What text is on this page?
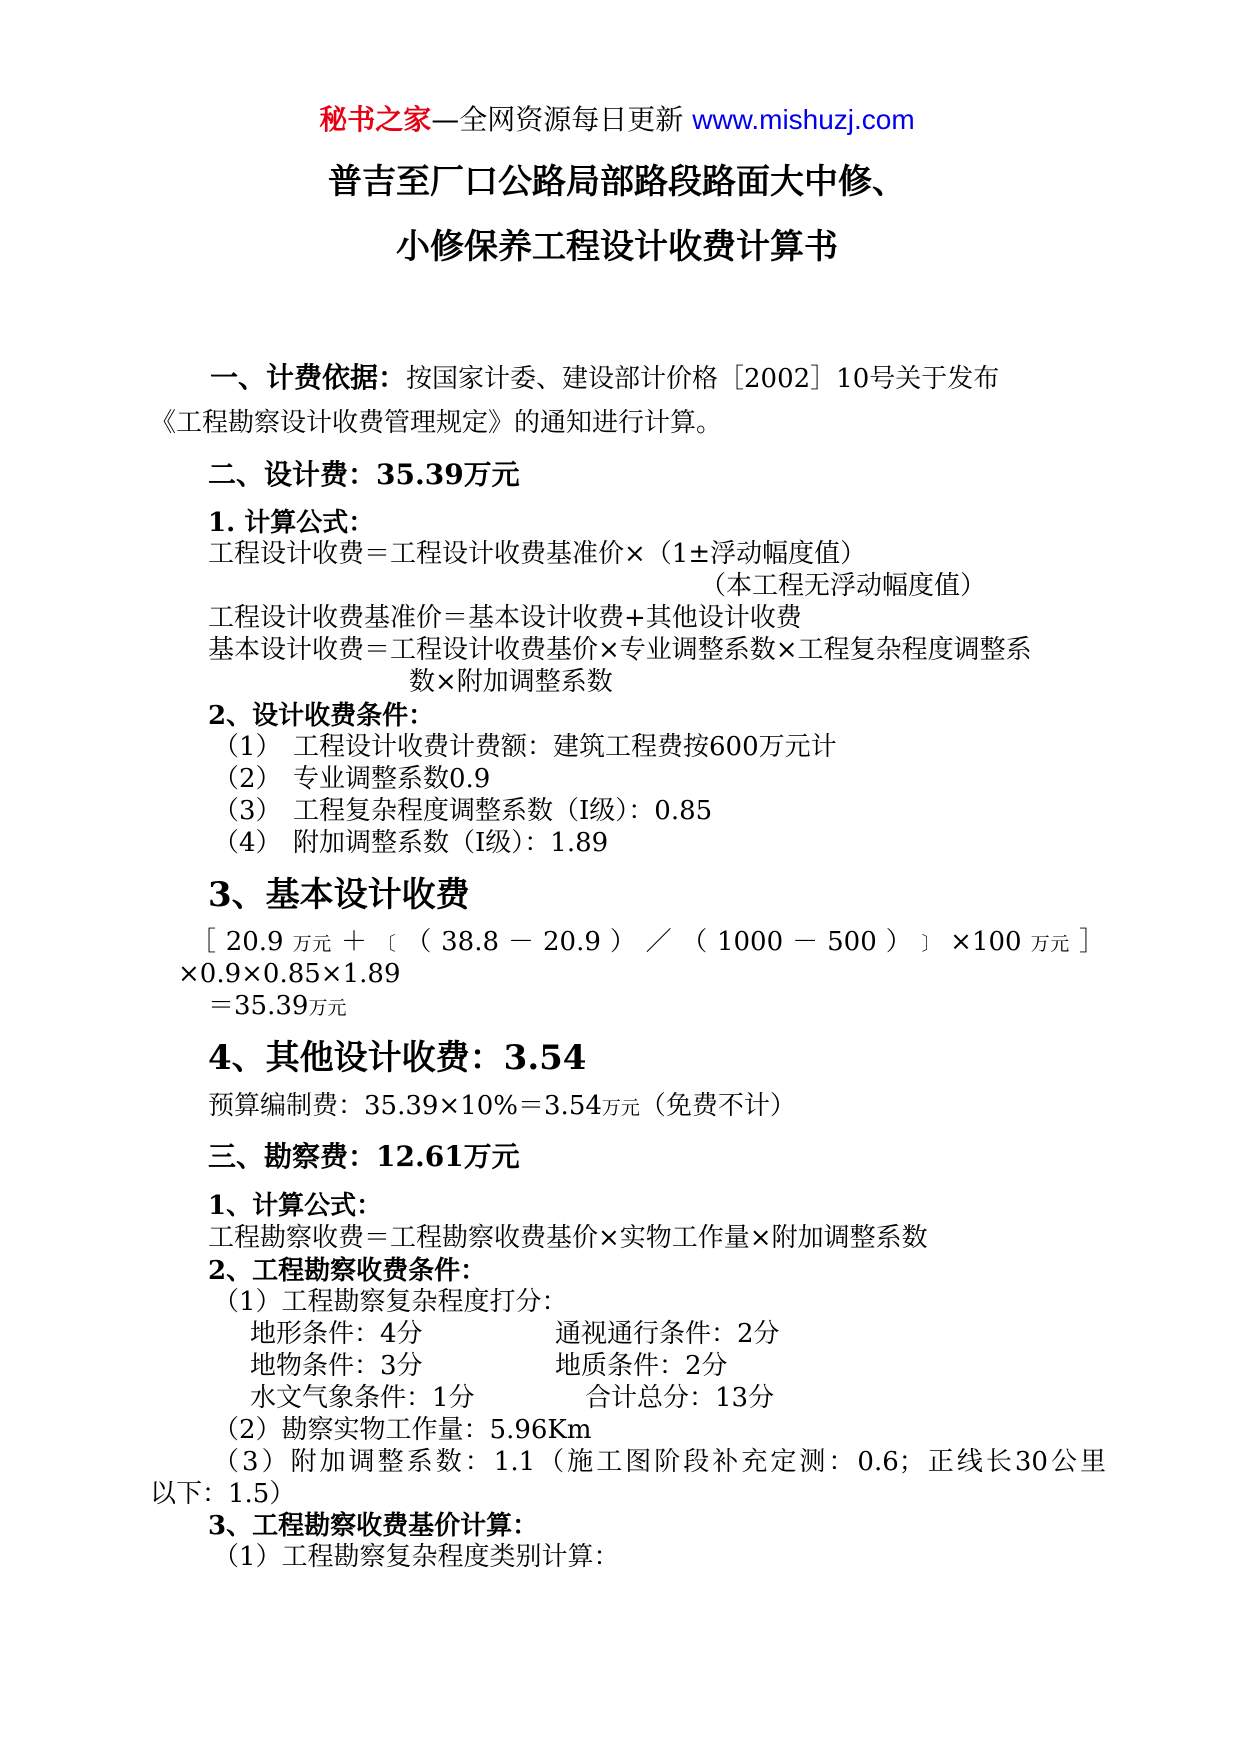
秘书之家—全网资源每日更新 www.mishuzj.com
普吉至厂口公路局部路段路面大中修、
小修保养工程设计收费计算书
一、计费依据：按国家计委、建设部计价格［2002］10号关于发布
《工程勘察设计收费管理规定》的通知进行计算。
二、设计费：35.39万元
1. 计算公式：
工程设计收费＝工程设计收费基准价×（1±浮动幅度值）
（本工程无浮动幅度值）
工程设计收费基准价＝基本设计收费+其他设计收费
基本设计收费＝工程设计收费基价×专业调整系数×工程复杂程度调整系
数×附加调整系数
2、设计收费条件：
（1） 工程设计收费计费额：建筑工程费按600万元计
（2） 专业调整系数0.9
（3） 工程复杂程度调整系数（Ⅰ级）：0.85
（4） 附加调整系数（Ⅰ级）：1.89
3、基本设计收费
［ 20.9 万元 ＋ 〔 （ 38.8 － 20.9 ） ／ （ 1000 － 500 ） 〕 ×100 万元 ］
×0.9×0.85×1.89
＝35.39万元
4、其他设计收费：3.54
预算编制费：35.39×10%＝3.54万元（免费不计）
三、勘察费：12.61万元
1、计算公式：
工程勘察收费＝工程勘察收费基价×实物工作量×附加调整系数
2、工程勘察收费条件：
（1）工程勘察复杂程度打分：
地形条件：4分	通视通行条件：2分
地物条件：3分	地质条件：2分
水文气象条件：1分	合计总分：13分
（2）勘察实物工作量：5.96Km
（3）附加调整系数：1.1（施工图阶段补充定测：0.6；正线长30公里
以下：1.5）
3、工程勘察收费基价计算：
（1）工程勘察复杂程度类别计算：
